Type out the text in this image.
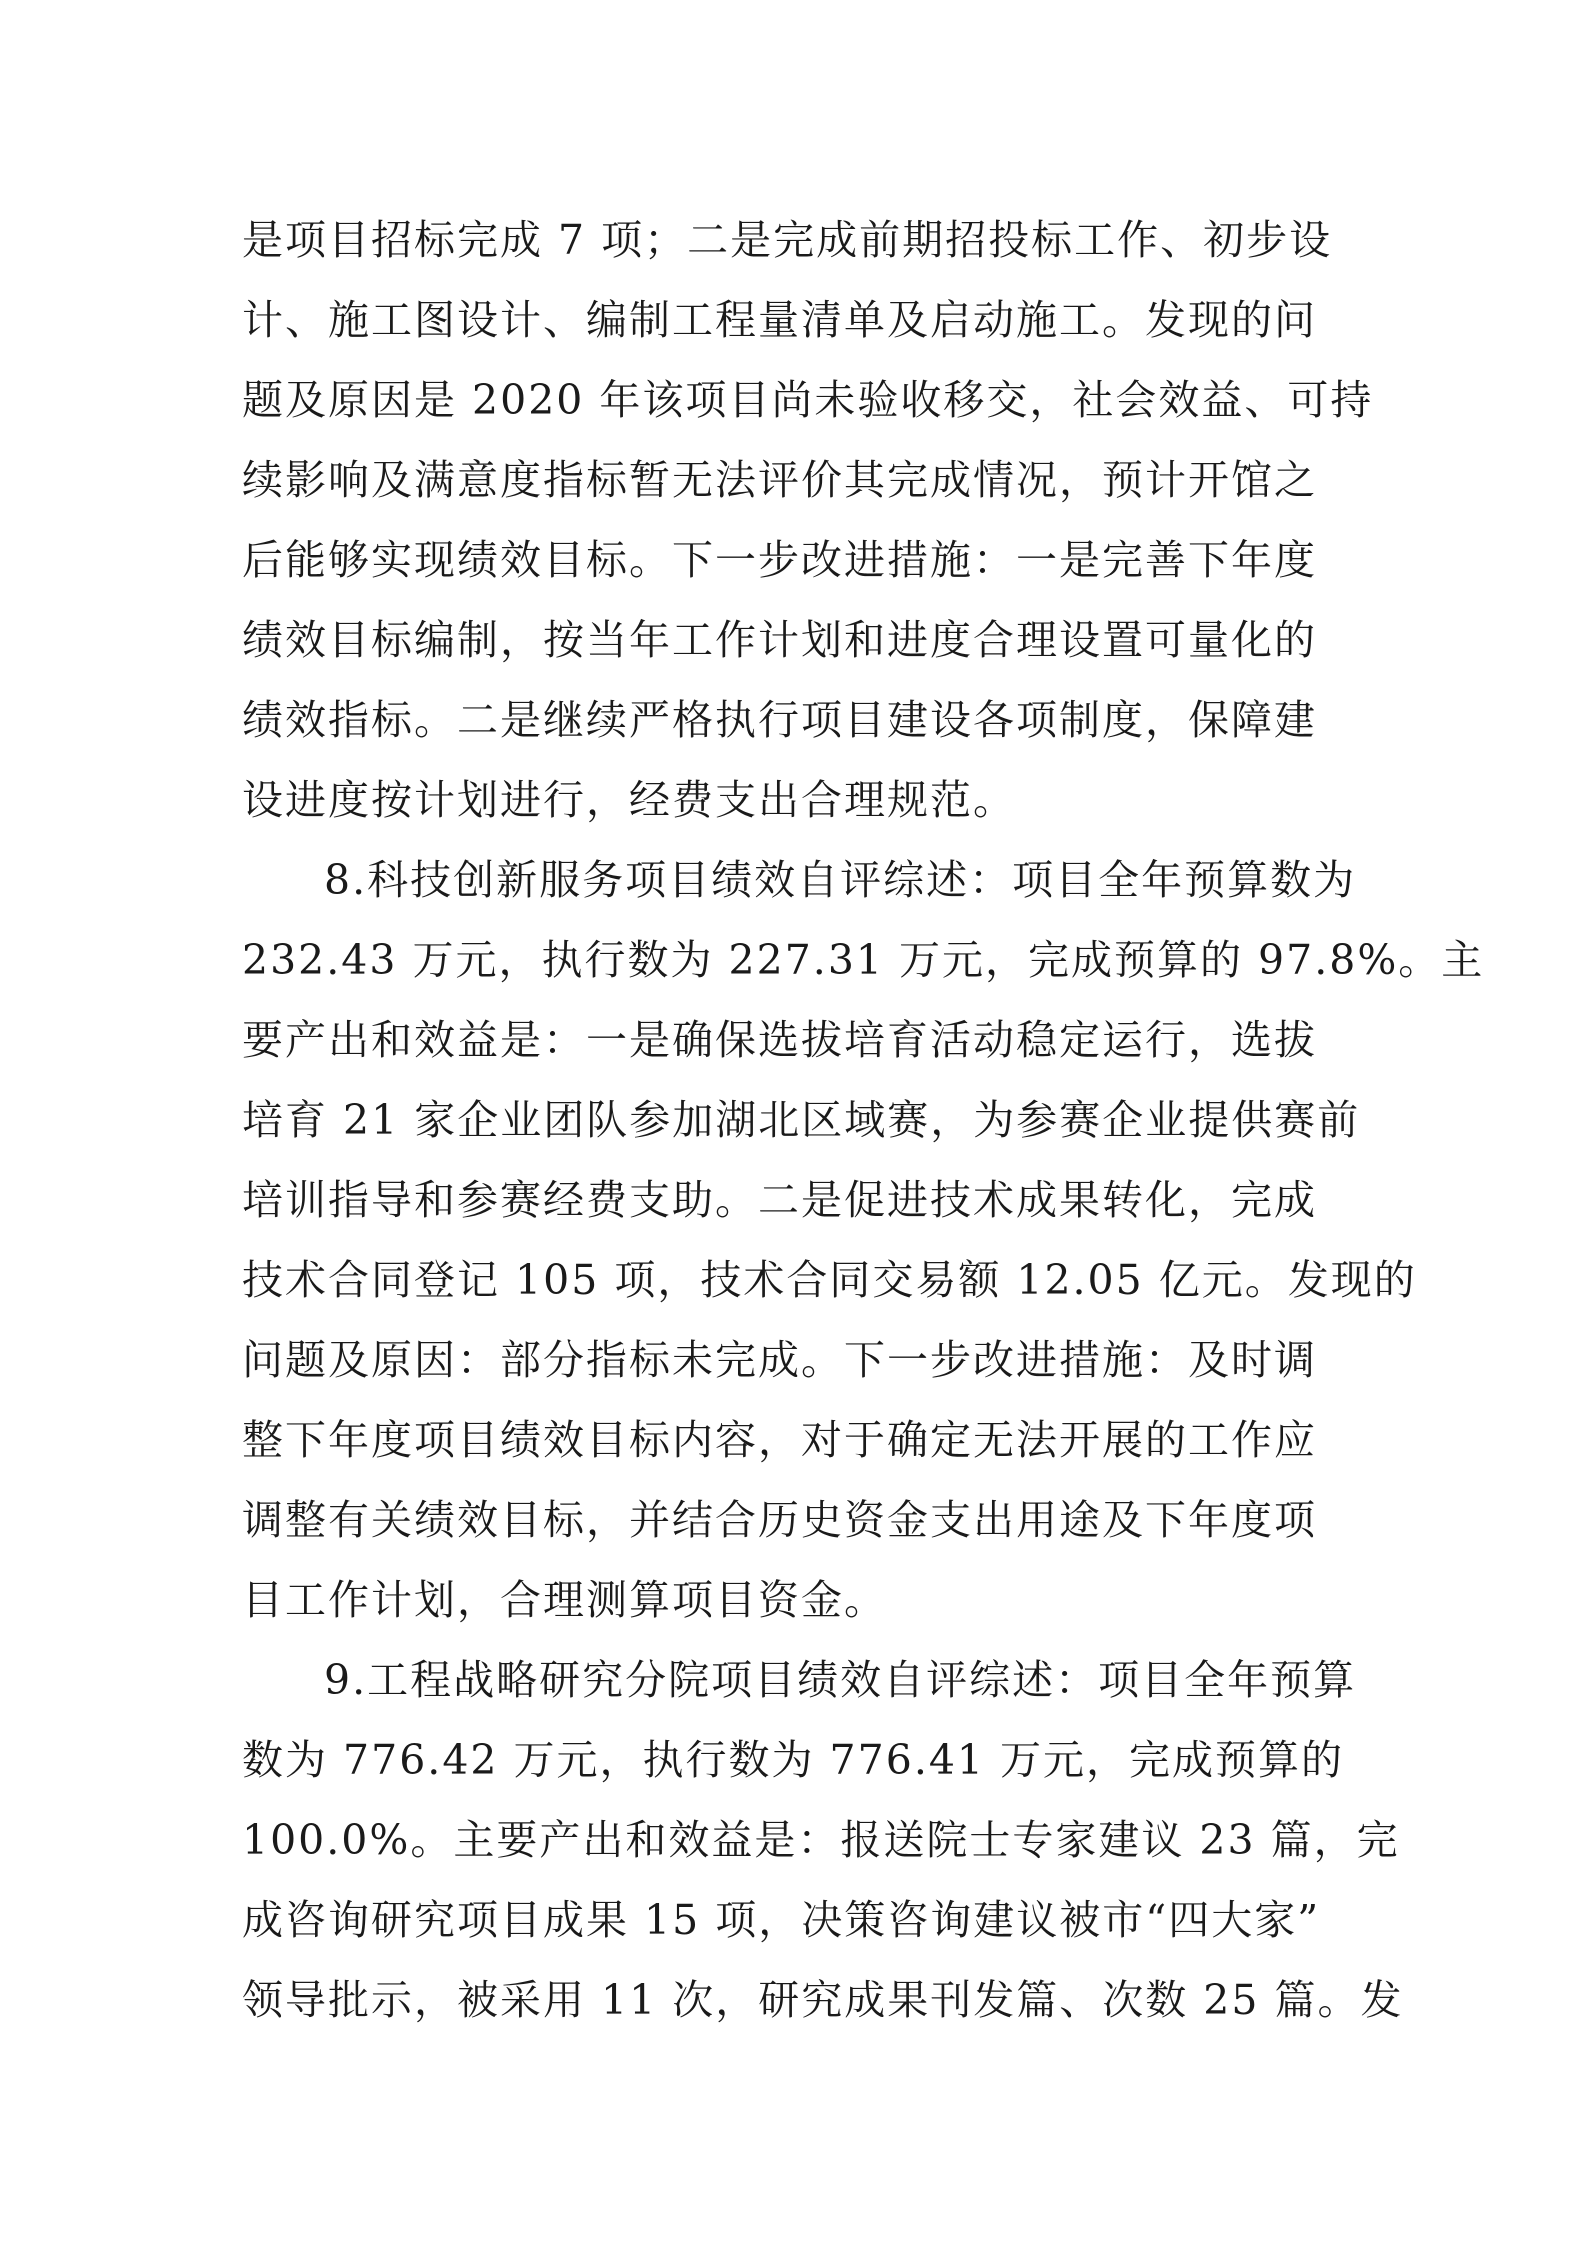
是项目招标完成 7 项；二是完成前期招投标工作、初步设
计、施工图设计、编制工程量清单及启动施工。发现的问
题及原因是 2020 年该项目尚未验收移交，社会效益、可持
续影响及满意度指标暂无法评价其完成情况，预计开馆之
后能够实现绩效目标。下一步改进措施：一是完善下年度
绩效目标编制，按当年工作计划和进度合理设置可量化的
绩效指标。二是继续严格执行项目建设各项制度，保障建
设进度按计划进行，经费支出合理规范。
8.科技创新服务项目绩效自评综述：项目全年预算数为
232.43 万元，执行数为 227.31 万元，完成预算的 97.8%。主
要产出和效益是：一是确保选拔培育活动稳定运行，选拔
培育 21 家企业团队参加湖北区域赛，为参赛企业提供赛前
培训指导和参赛经费支助。二是促进技术成果转化，完成
技术合同登记 105 项，技术合同交易额 12.05 亿元。发现的
问题及原因：部分指标未完成。下一步改进措施：及时调
整下年度项目绩效目标内容，对于确定无法开展的工作应
调整有关绩效目标，并结合历史资金支出用途及下年度项
目工作计划，合理测算项目资金。
9.工程战略研究分院项目绩效自评综述：项目全年预算
数为 776.42 万元，执行数为 776.41 万元，完成预算的
100.0%。主要产出和效益是：报送院士专家建议 23 篇，完
成咨询研究项目成果 15 项，决策咨询建议被市“四大家”
领导批示，被采用 11 次，研究成果刊发篇、次数 25 篇。发
